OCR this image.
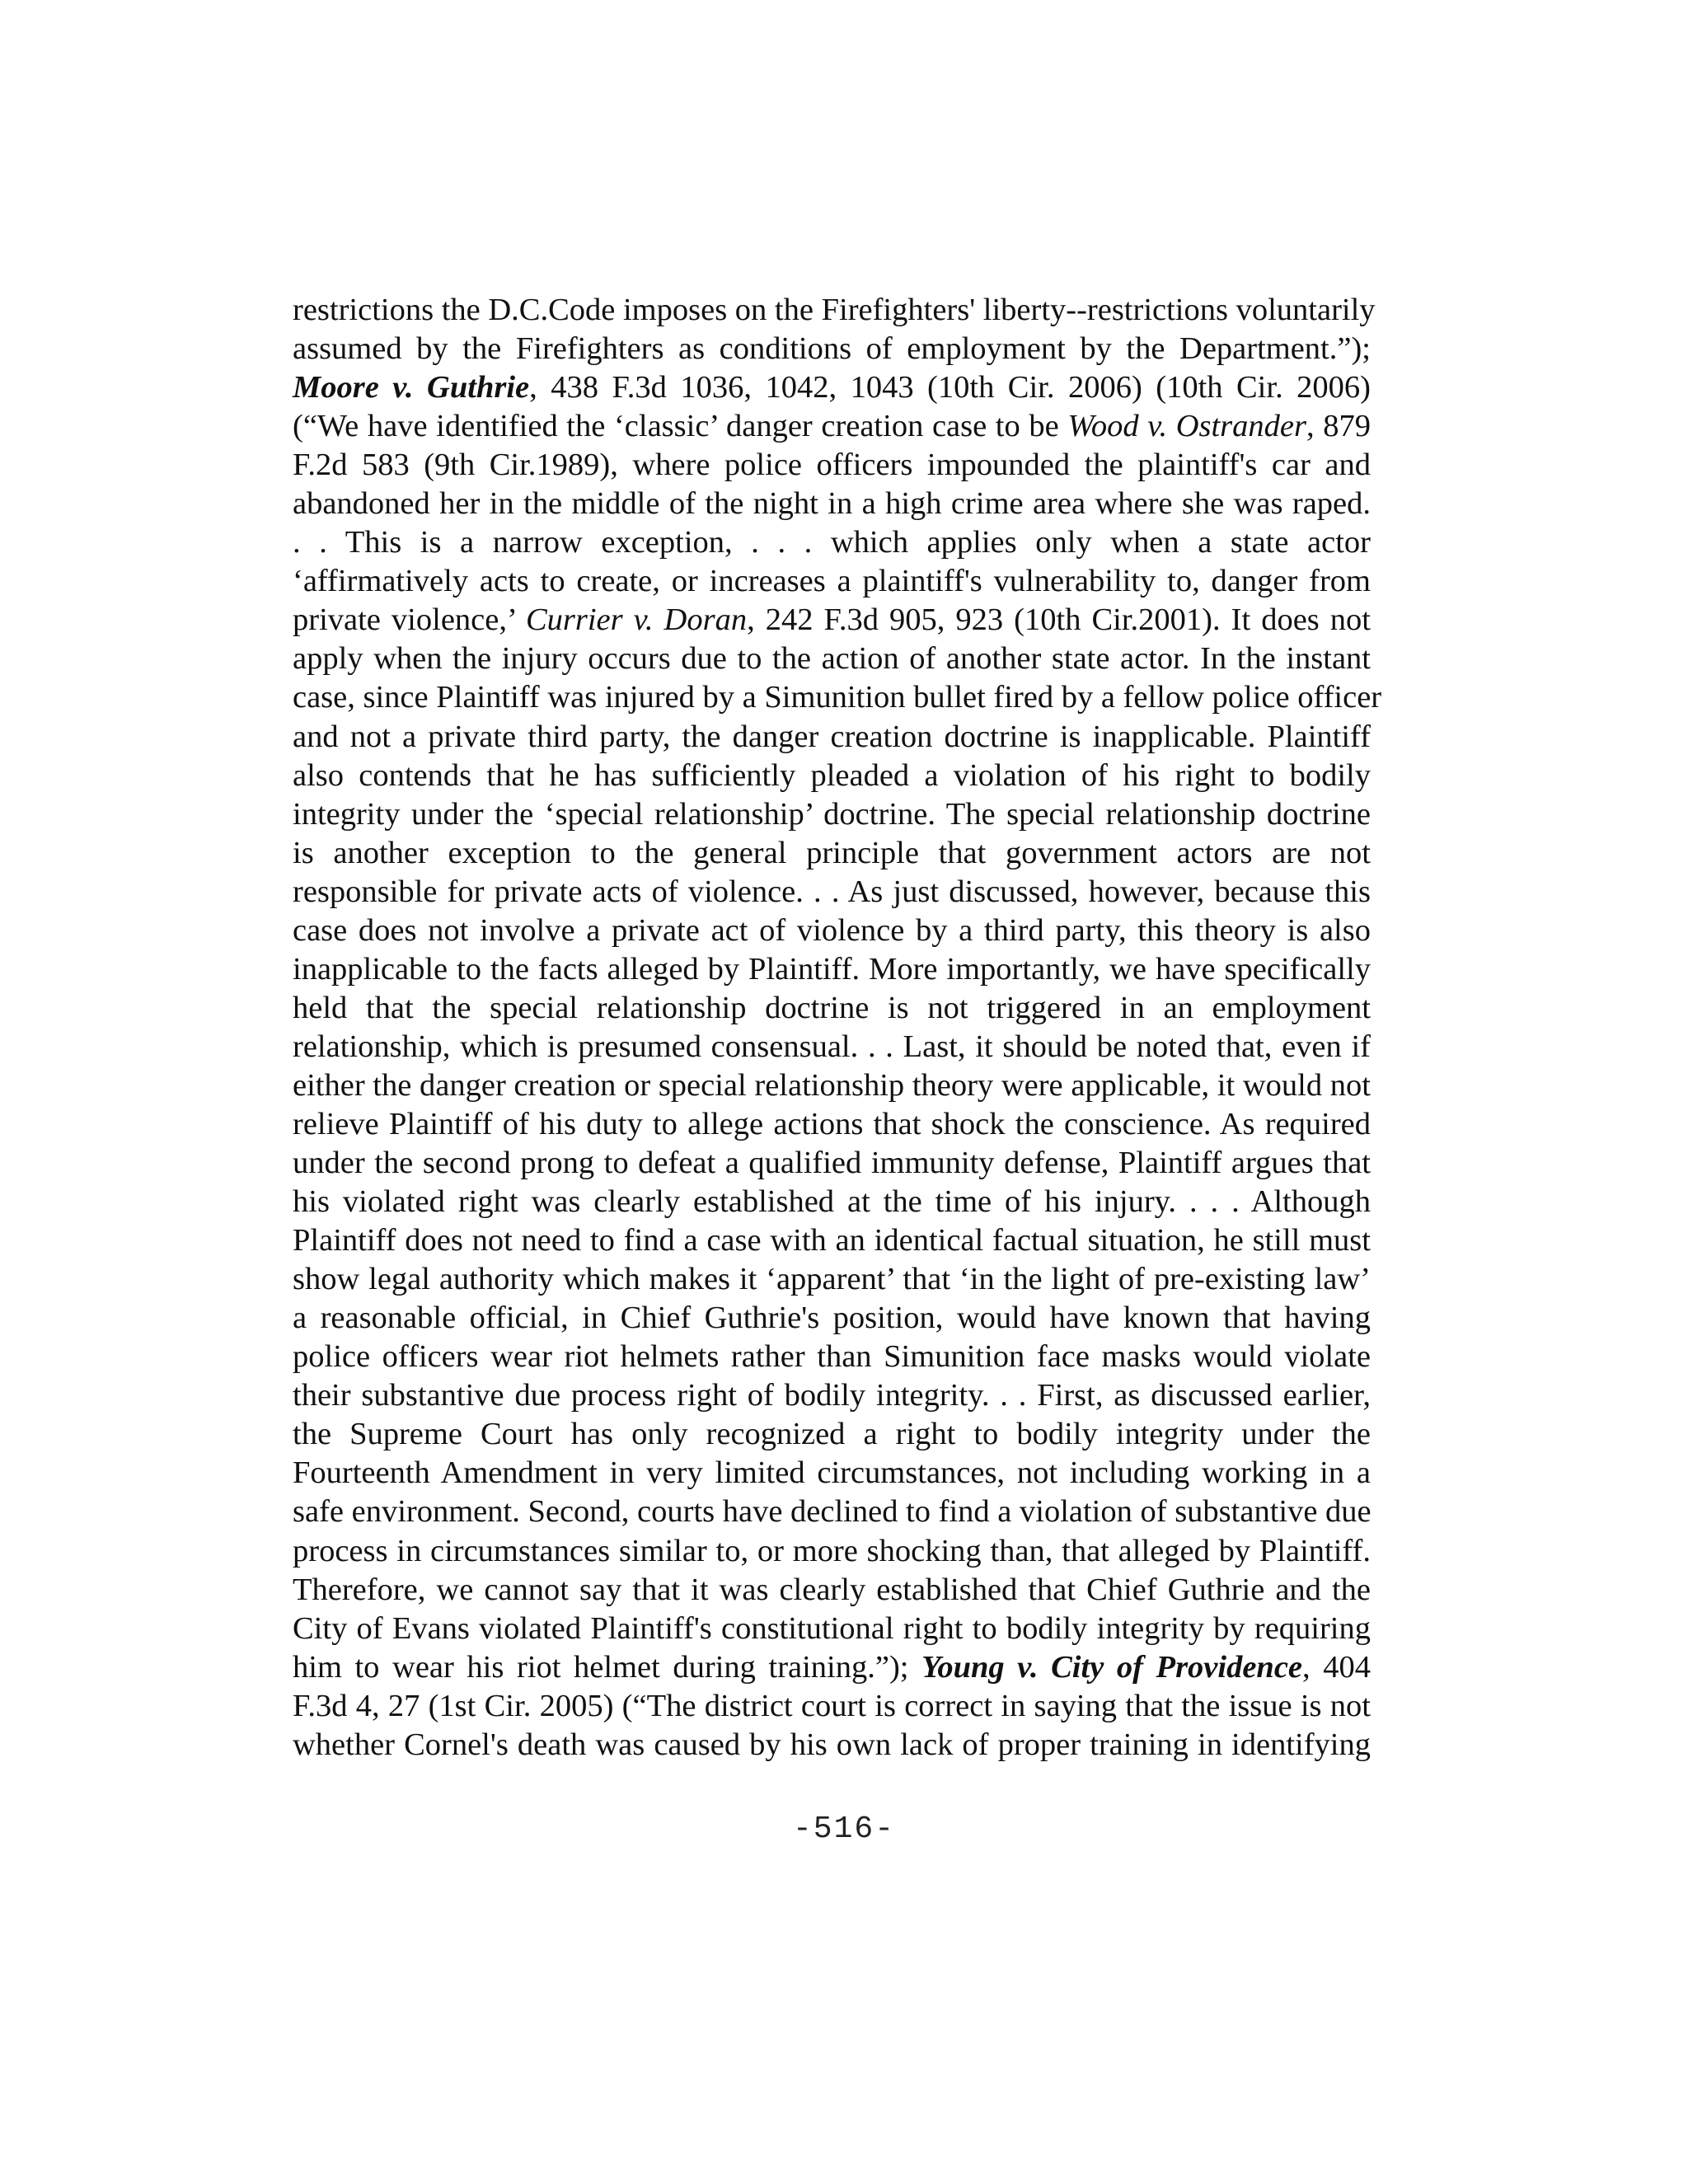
restrictions the D.C.Code imposes on the Firefighters' liberty--restrictions voluntarily
assumed by the Firefighters as conditions of employment by the Department.”);
Moore v. Guthrie, 438 F.3d 1036, 1042, 1043 (10th Cir. 2006) (10th Cir. 2006)
(“We have identified the ‘classic’ danger creation case to be Wood v. Ostrander, 879
F.2d 583 (9th Cir.1989), where police officers impounded the plaintiff's car and
abandoned her in the middle of the night in a high crime area where she was raped.
. . This is a narrow exception, . . . which applies only when a state actor
‘affirmatively acts to create, or increases a plaintiff's vulnerability to, danger from
private violence,’ Currier v. Doran, 242 F.3d 905, 923 (10th Cir.2001). It does not
apply when the injury occurs due to the action of another state actor. In the instant
case, since Plaintiff was injured by a Simunition bullet fired by a fellow police officer
and not a private third party, the danger creation doctrine is inapplicable. Plaintiff
also contends that he has sufficiently pleaded a violation of his right to bodily
integrity under the ‘special relationship’ doctrine. The special relationship doctrine
is another exception to the general principle that government actors are not
responsible for private acts of violence. . . As just discussed, however, because this
case does not involve a private act of violence by a third party, this theory is also
inapplicable to the facts alleged by Plaintiff. More importantly, we have specifically
held that the special relationship doctrine is not triggered in an employment
relationship, which is presumed consensual. . . Last, it should be noted that, even if
either the danger creation or special relationship theory were applicable, it would not
relieve Plaintiff of his duty to allege actions that shock the conscience. As required
under the second prong to defeat a qualified immunity defense, Plaintiff argues that
his violated right was clearly established at the time of his injury. . . . Although
Plaintiff does not need to find a case with an identical factual situation, he still must
show legal authority which makes it ‘apparent’ that ‘in the light of pre-existing law’
a reasonable official, in Chief Guthrie's position, would have known that having
police officers wear riot helmets rather than Simunition face masks would violate
their substantive due process right of bodily integrity. . . First, as discussed earlier,
the Supreme Court has only recognized a right to bodily integrity under the
Fourteenth Amendment in very limited circumstances, not including working in a
safe environment. Second, courts have declined to find a violation of substantive due
process in circumstances similar to, or more shocking than, that alleged by Plaintiff.
Therefore, we cannot say that it was clearly established that Chief Guthrie and the
City of Evans violated Plaintiff's constitutional right to bodily integrity by requiring
him to wear his riot helmet during training.”); Young v. City of Providence, 404
F.3d 4, 27 (1st Cir. 2005) (“The district court is correct in saying that the issue is not
whether Cornel's death was caused by his own lack of proper training in identifying
-516-
